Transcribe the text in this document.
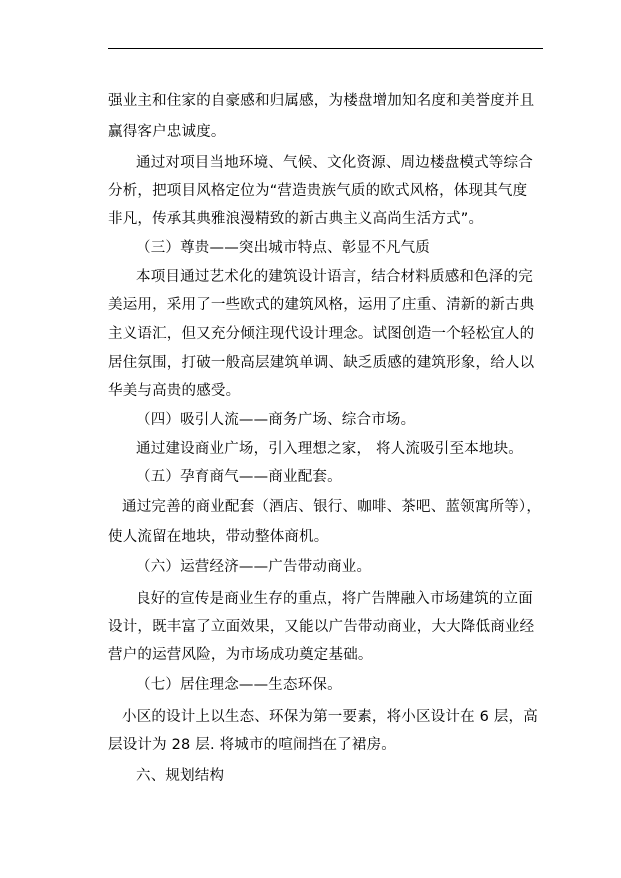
强业主和住家的自豪感和归属感，为楼盘增加知名度和美誉度并且
赢得客户忠诚度。
通过对项目当地环境、气候、文化资源、周边楼盘模式等综合
分析，把项目风格定位为“营造贵族气质的欧式风格，体现其气度
非凡，传承其典雅浪漫精致的新古典主义高尚生活方式”。
（三）尊贵——突出城市特点、彰显不凡气质
本项目通过艺术化的建筑设计语言，结合材料质感和色泽的完
美运用，采用了一些欧式的建筑风格，运用了庄重、清新的新古典
主义语汇，但又充分倾注现代设计理念。试图创造一个轻松宜人的
居住氛围，打破一般高层建筑单调、缺乏质感的建筑形象，给人以
华美与高贵的感受。
（四）吸引人流——商务广场、综合市场。
通过建设商业广场，引入理想之家， 将人流吸引至本地块。
（五）孕育商气——商业配套。
通过完善的商业配套（酒店、银行、咖啡、茶吧、蓝领寓所等），
使人流留在地块，带动整体商机。
（六）运营经济——广告带动商业。
良好的宣传是商业生存的重点，将广告牌融入市场建筑的立面
设计，既丰富了立面效果，又能以广告带动商业，大大降低商业经
营户的运营风险，为市场成功奠定基础。
（七）居住理念——生态环保。
小区的设计上以生态、环保为第一要素，将小区设计在 6 层，高
层设计为 28 层. 将城市的喧闹挡在了裙房。
六、规划结构
